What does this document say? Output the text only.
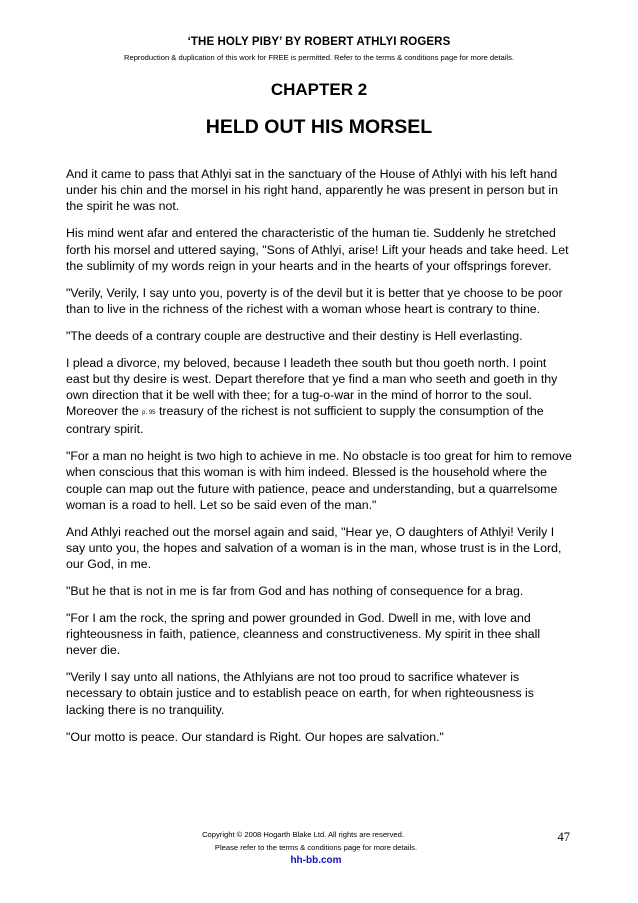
‘THE HOLY PIBY’ BY ROBERT ATHLYI ROGERS
Reproduction & duplication of this work for FREE is permitted. Refer to the terms & conditions page for more details.
CHAPTER 2
HELD OUT HIS MORSEL

And it came to pass that Athlyi sat in the sanctuary of the House of Athlyi with his left hand under his chin and the morsel in his right hand, apparently he was present in person but in the spirit he was not.

His mind went afar and entered the characteristic of the human tie. Suddenly he stretched forth his morsel and uttered saying, "Sons of Athlyi, arise! Lift your heads and take heed. Let the sublimity of my words reign in your hearts and in the hearts of your offsprings forever.

"Verily, Verily, I say unto you, poverty is of the devil but it is better that ye choose to be poor than to live in the richness of the richest with a woman whose heart is contrary to thine.

"The deeds of a contrary couple are destructive and their destiny is Hell everlasting.

I plead a divorce, my beloved, because I leadeth thee south but thou goeth north. I point east but thy desire is west. Depart therefore that ye find a man who seeth and goeth in thy own direction that it be well with thee; for a tug-o-war in the mind of horror to the soul. Moreover the p. 95 treasury of the richest is not sufficient to supply the consumption of the contrary spirit.

"For a man no height is two high to achieve in me. No obstacle is too great for him to remove when conscious that this woman is with him indeed. Blessed is the household where the couple can map out the future with patience, peace and understanding, but a quarrelsome woman is a road to hell. Let so be said even of the man."

And Athlyi reached out the morsel again and said, "Hear ye, O daughters of Athlyi! Verily I say unto you, the hopes and salvation of a woman is in the man, whose trust is in the Lord, our God, in me.

"But he that is not in me is far from God and has nothing of consequence for a brag.

"For I am the rock, the spring and power grounded in God. Dwell in me, with love and righteousness in faith, patience, cleanness and constructiveness. My spirit in thee shall never die.

"Verily I say unto all nations, the Athlyians are not too proud to sacrifice whatever is necessary to obtain justice and to establish peace on earth, for when righteousness is lacking there is no tranquility.

"Our motto is peace. Our standard is Right. Our hopes are salvation."

Copyright © 2008 Hogarth Blake Ltd. All rights are reserved.
Please refer to the terms & conditions page for more details.
hh-bb.com
47
